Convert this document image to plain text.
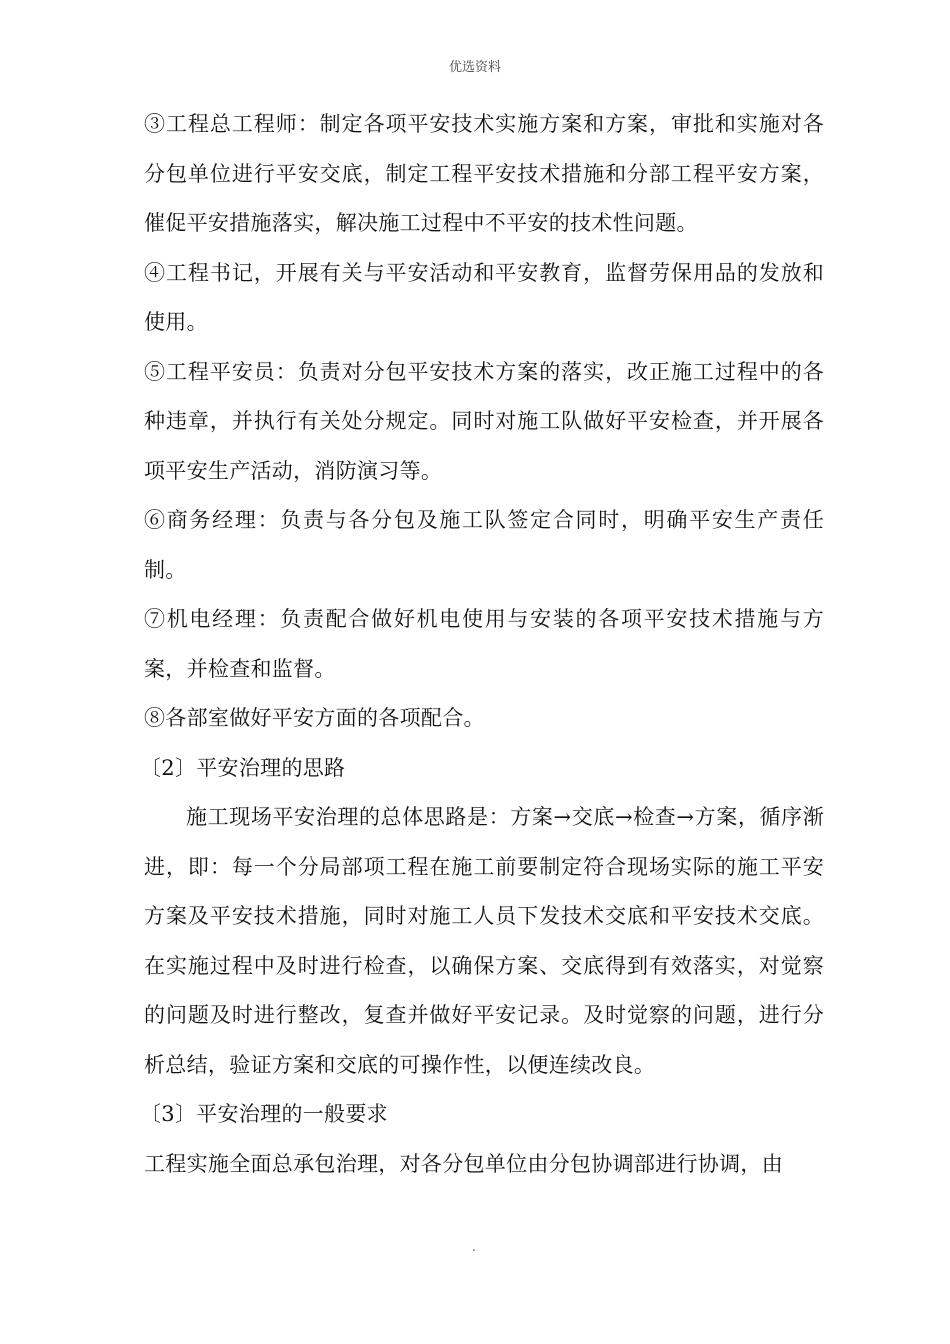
优选资料

③工程总工程师：制定各项平安技术实施方案和方案，审批和实施对各分包单位进行平安交底，制定工程平安技术措施和分部工程平安方案，催促平安措施落实，解决施工过程中不平安的技术性问题。

④工程书记，开展有关与平安活动和平安教育，监督劳保用品的发放和使用。

⑤工程平安员：负责对分包平安技术方案的落实，改正施工过程中的各种违章，并执行有关处分规定。同时对施工队做好平安检查，并开展各项平安生产活动，消防演习等。

⑥商务经理：负责与各分包及施工队签定合同时，明确平安生产责任制。

⑦机电经理：负责配合做好机电使用与安装的各项平安技术措施与方案，并检查和监督。

⑧各部室做好平安方面的各项配合。

〔2〕平安治理的思路

施工现场平安治理的总体思路是：方案→交底→检查→方案，循序渐进，即：每一个分局部项工程在施工前要制定符合现场实际的施工平安方案及平安技术措施，同时对施工人员下发技术交底和平安技术交底。在实施过程中及时进行检查，以确保方案、交底得到有效落实，对觉察的问题及时进行整改，复查并做好平安记录。及时觉察的问题，进行分析总结，验证方案和交底的可操作性，以便连续改良。

〔3〕平安治理的一般要求

工程实施全面总承包治理，对各分包单位由分包协调部进行协调，由

.
